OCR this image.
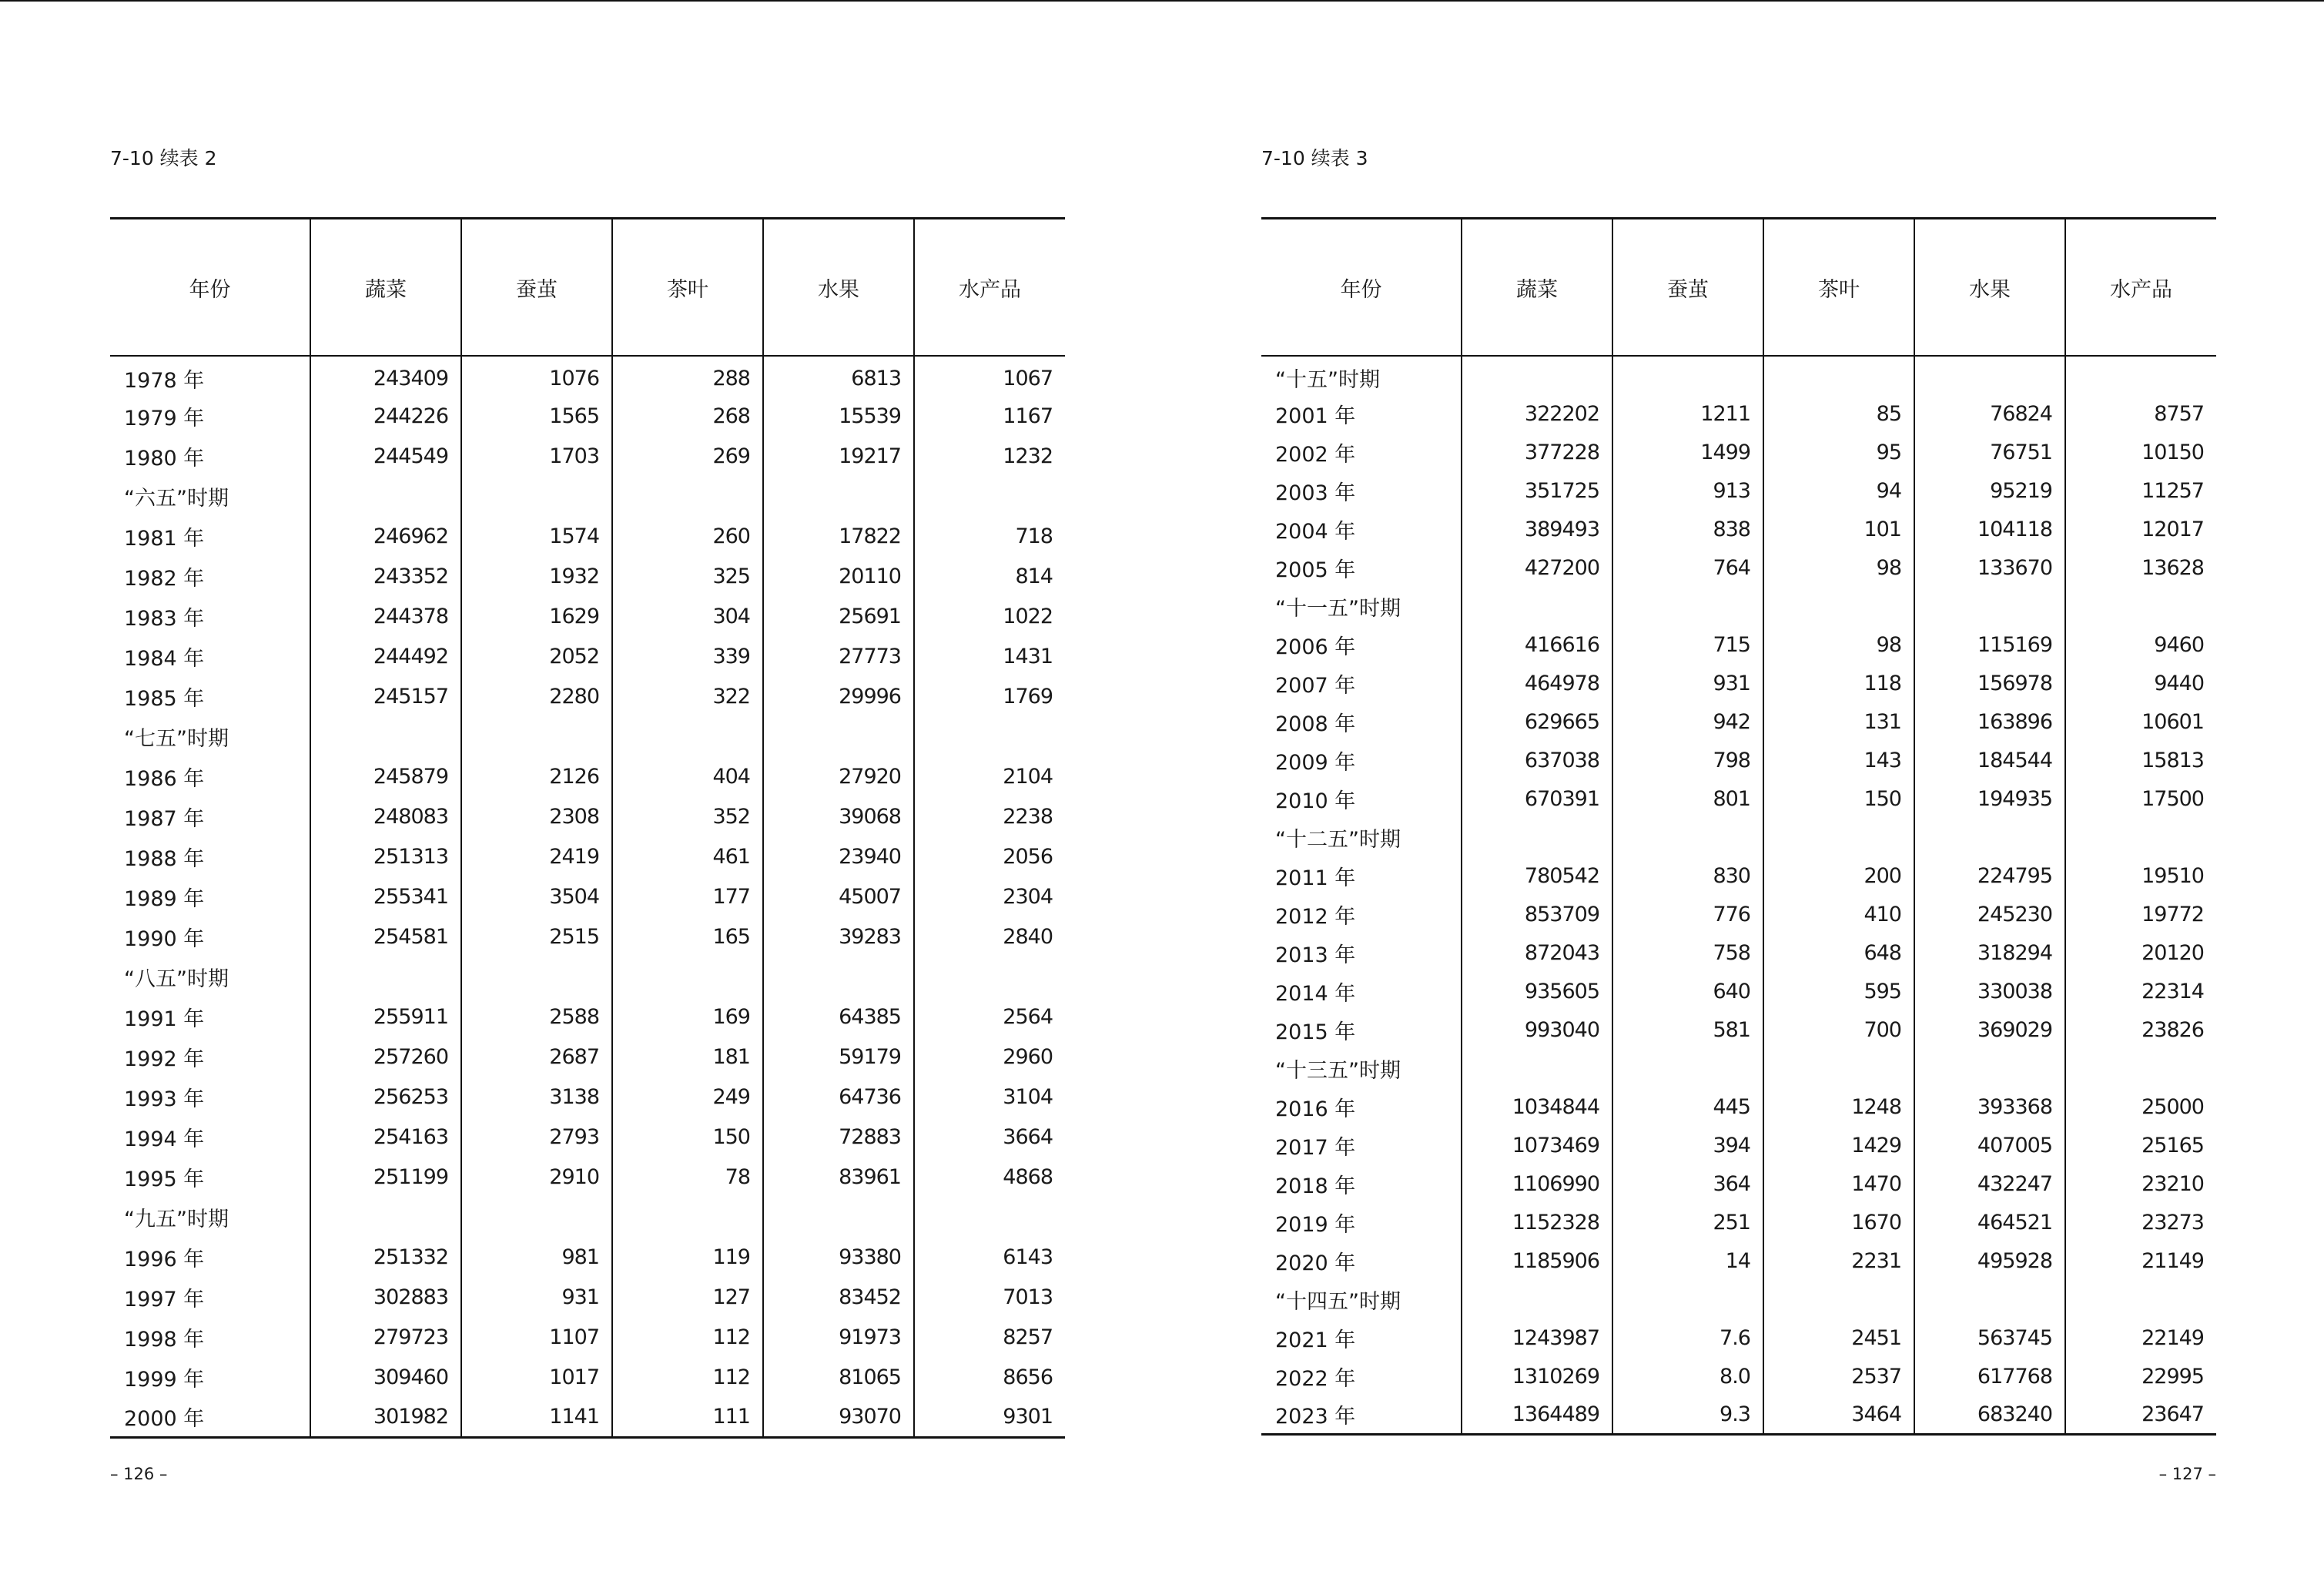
7-10 续表 2
年份	蔬菜	蚕茧	茶叶	水果	水产品
1978 年	243409	1076	288	6813	1067
1979 年	244226	1565	268	15539	1167
1980 年	244549	1703	269	19217	1232
“六五”时期					
1981 年	246962	1574	260	17822	718
1982 年	243352	1932	325	20110	814
1983 年	244378	1629	304	25691	1022
1984 年	244492	2052	339	27773	1431
1985 年	245157	2280	322	29996	1769
“七五”时期					
1986 年	245879	2126	404	27920	2104
1987 年	248083	2308	352	39068	2238
1988 年	251313	2419	461	23940	2056
1989 年	255341	3504	177	45007	2304
1990 年	254581	2515	165	39283	2840
“八五”时期					
1991 年	255911	2588	169	64385	2564
1992 年	257260	2687	181	59179	2960
1993 年	256253	3138	249	64736	3104
1994 年	254163	2793	150	72883	3664
1995 年	251199	2910	78	83961	4868
“九五”时期					
1996 年	251332	981	119	93380	6143
1997 年	302883	931	127	83452	7013
1998 年	279723	1107	112	91973	8257
1999 年	309460	1017	112	81065	8656
2000 年	301982	1141	111	93070	9301
– 126 –
7-10 续表 3
年份	蔬菜	蚕茧	茶叶	水果	水产品
“十五”时期					
2001 年	322202	1211	85	76824	8757
2002 年	377228	1499	95	76751	10150
2003 年	351725	913	94	95219	11257
2004 年	389493	838	101	104118	12017
2005 年	427200	764	98	133670	13628
“十一五”时期					
2006 年	416616	715	98	115169	9460
2007 年	464978	931	118	156978	9440
2008 年	629665	942	131	163896	10601
2009 年	637038	798	143	184544	15813
2010 年	670391	801	150	194935	17500
“十二五”时期					
2011 年	780542	830	200	224795	19510
2012 年	853709	776	410	245230	19772
2013 年	872043	758	648	318294	20120
2014 年	935605	640	595	330038	22314
2015 年	993040	581	700	369029	23826
“十三五”时期					
2016 年	1034844	445	1248	393368	25000
2017 年	1073469	394	1429	407005	25165
2018 年	1106990	364	1470	432247	23210
2019 年	1152328	251	1670	464521	23273
2020 年	1185906	14	2231	495928	21149
“十四五”时期					
2021 年	1243987	7.6	2451	563745	22149
2022 年	1310269	8.0	2537	617768	22995
2023 年	1364489	9.3	3464	683240	23647
– 127 –
